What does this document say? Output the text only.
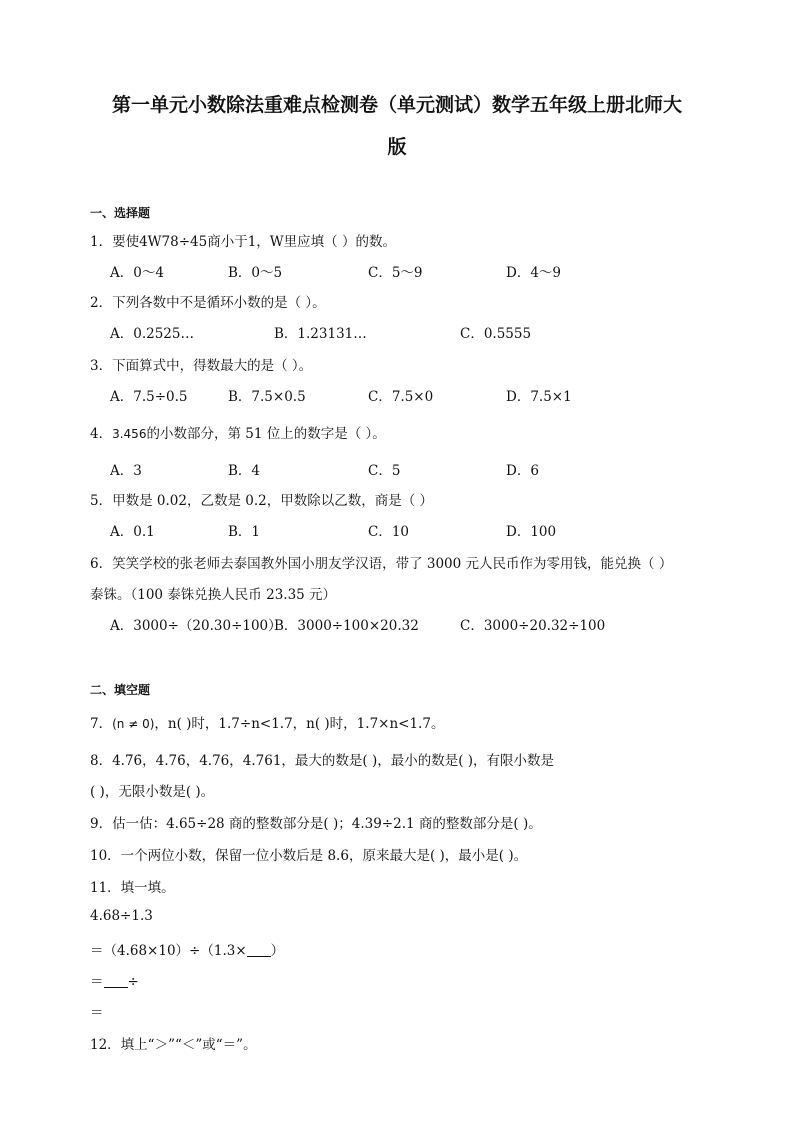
第一单元小数除法重难点检测卷（单元测试）数学五年级上册北师大
版
一、选择题
1．要使4W78÷45商小于1，W里应填（ ）的数。
A．0～4	B．0～5	C．5～9	D．4～9
2．下列各数中不是循环小数的是（ ）。
A．0.2525…	B．1.23131…	C．0.5555
3．下面算式中，得数最大的是（ ）。
A．7.5÷0.5	B．7.5×0.5	C．7.5×0	D．7.5×1
4．3.456的小数部分，第 51 位上的数字是（ ）。
A．3	B．4	C．5	D．6
5．甲数是 0.02，乙数是 0.2，甲数除以乙数，商是（ ）
A．0.1	B．1	C．10	D．100
6．笑笑学校的张老师去泰国教外国小朋友学汉语，带了 3000 元人民币作为零用钱，能兑换（ ）
泰铢。（100 泰铢兑换人民币 23.35 元）
A．3000÷（20.30÷100）
B．3000÷100×20.32	C．3000÷20.32÷100
二、填空题
7．(n ≠ 0)，n( )时，1.7÷n<1.7，n( )时，1.7×n<1.7。
8．4.7̇6̇，4.76̇，4.76，4.761，最大的数是( )，最小的数是( )，有限小数是
( )，无限小数是( )。
9．估一估：4.65÷28 商的整数部分是( )；4.39÷2.1 商的整数部分是( )。
10．一个两位小数，保留一位小数后是 8.6，原来最大是( )，最小是( )。
11．填一填。
4.68÷1.3
＝（4.68×10）÷（1.3× ）
＝ ÷
＝
12．填上“＞”“＜”或“＝”。
